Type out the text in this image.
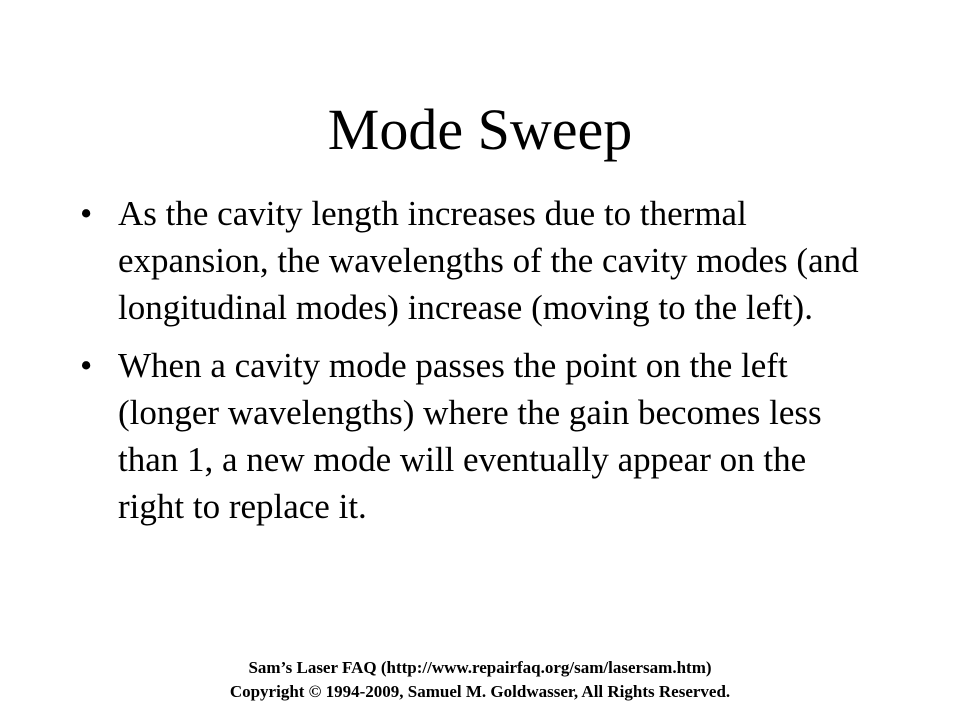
Mode Sweep
• As the cavity length increases due to thermal expansion, the wavelengths of the cavity modes (and longitudinal modes) increase (moving to the left).
• When a cavity mode passes the point on the left (longer wavelengths) where the gain becomes less than 1, a new mode will eventually appear on the right to replace it.
Sam’s Laser FAQ (http://www.repairfaq.org/sam/lasersam.htm)
Copyright © 1994-2009, Samuel M. Goldwasser, All Rights Reserved.
